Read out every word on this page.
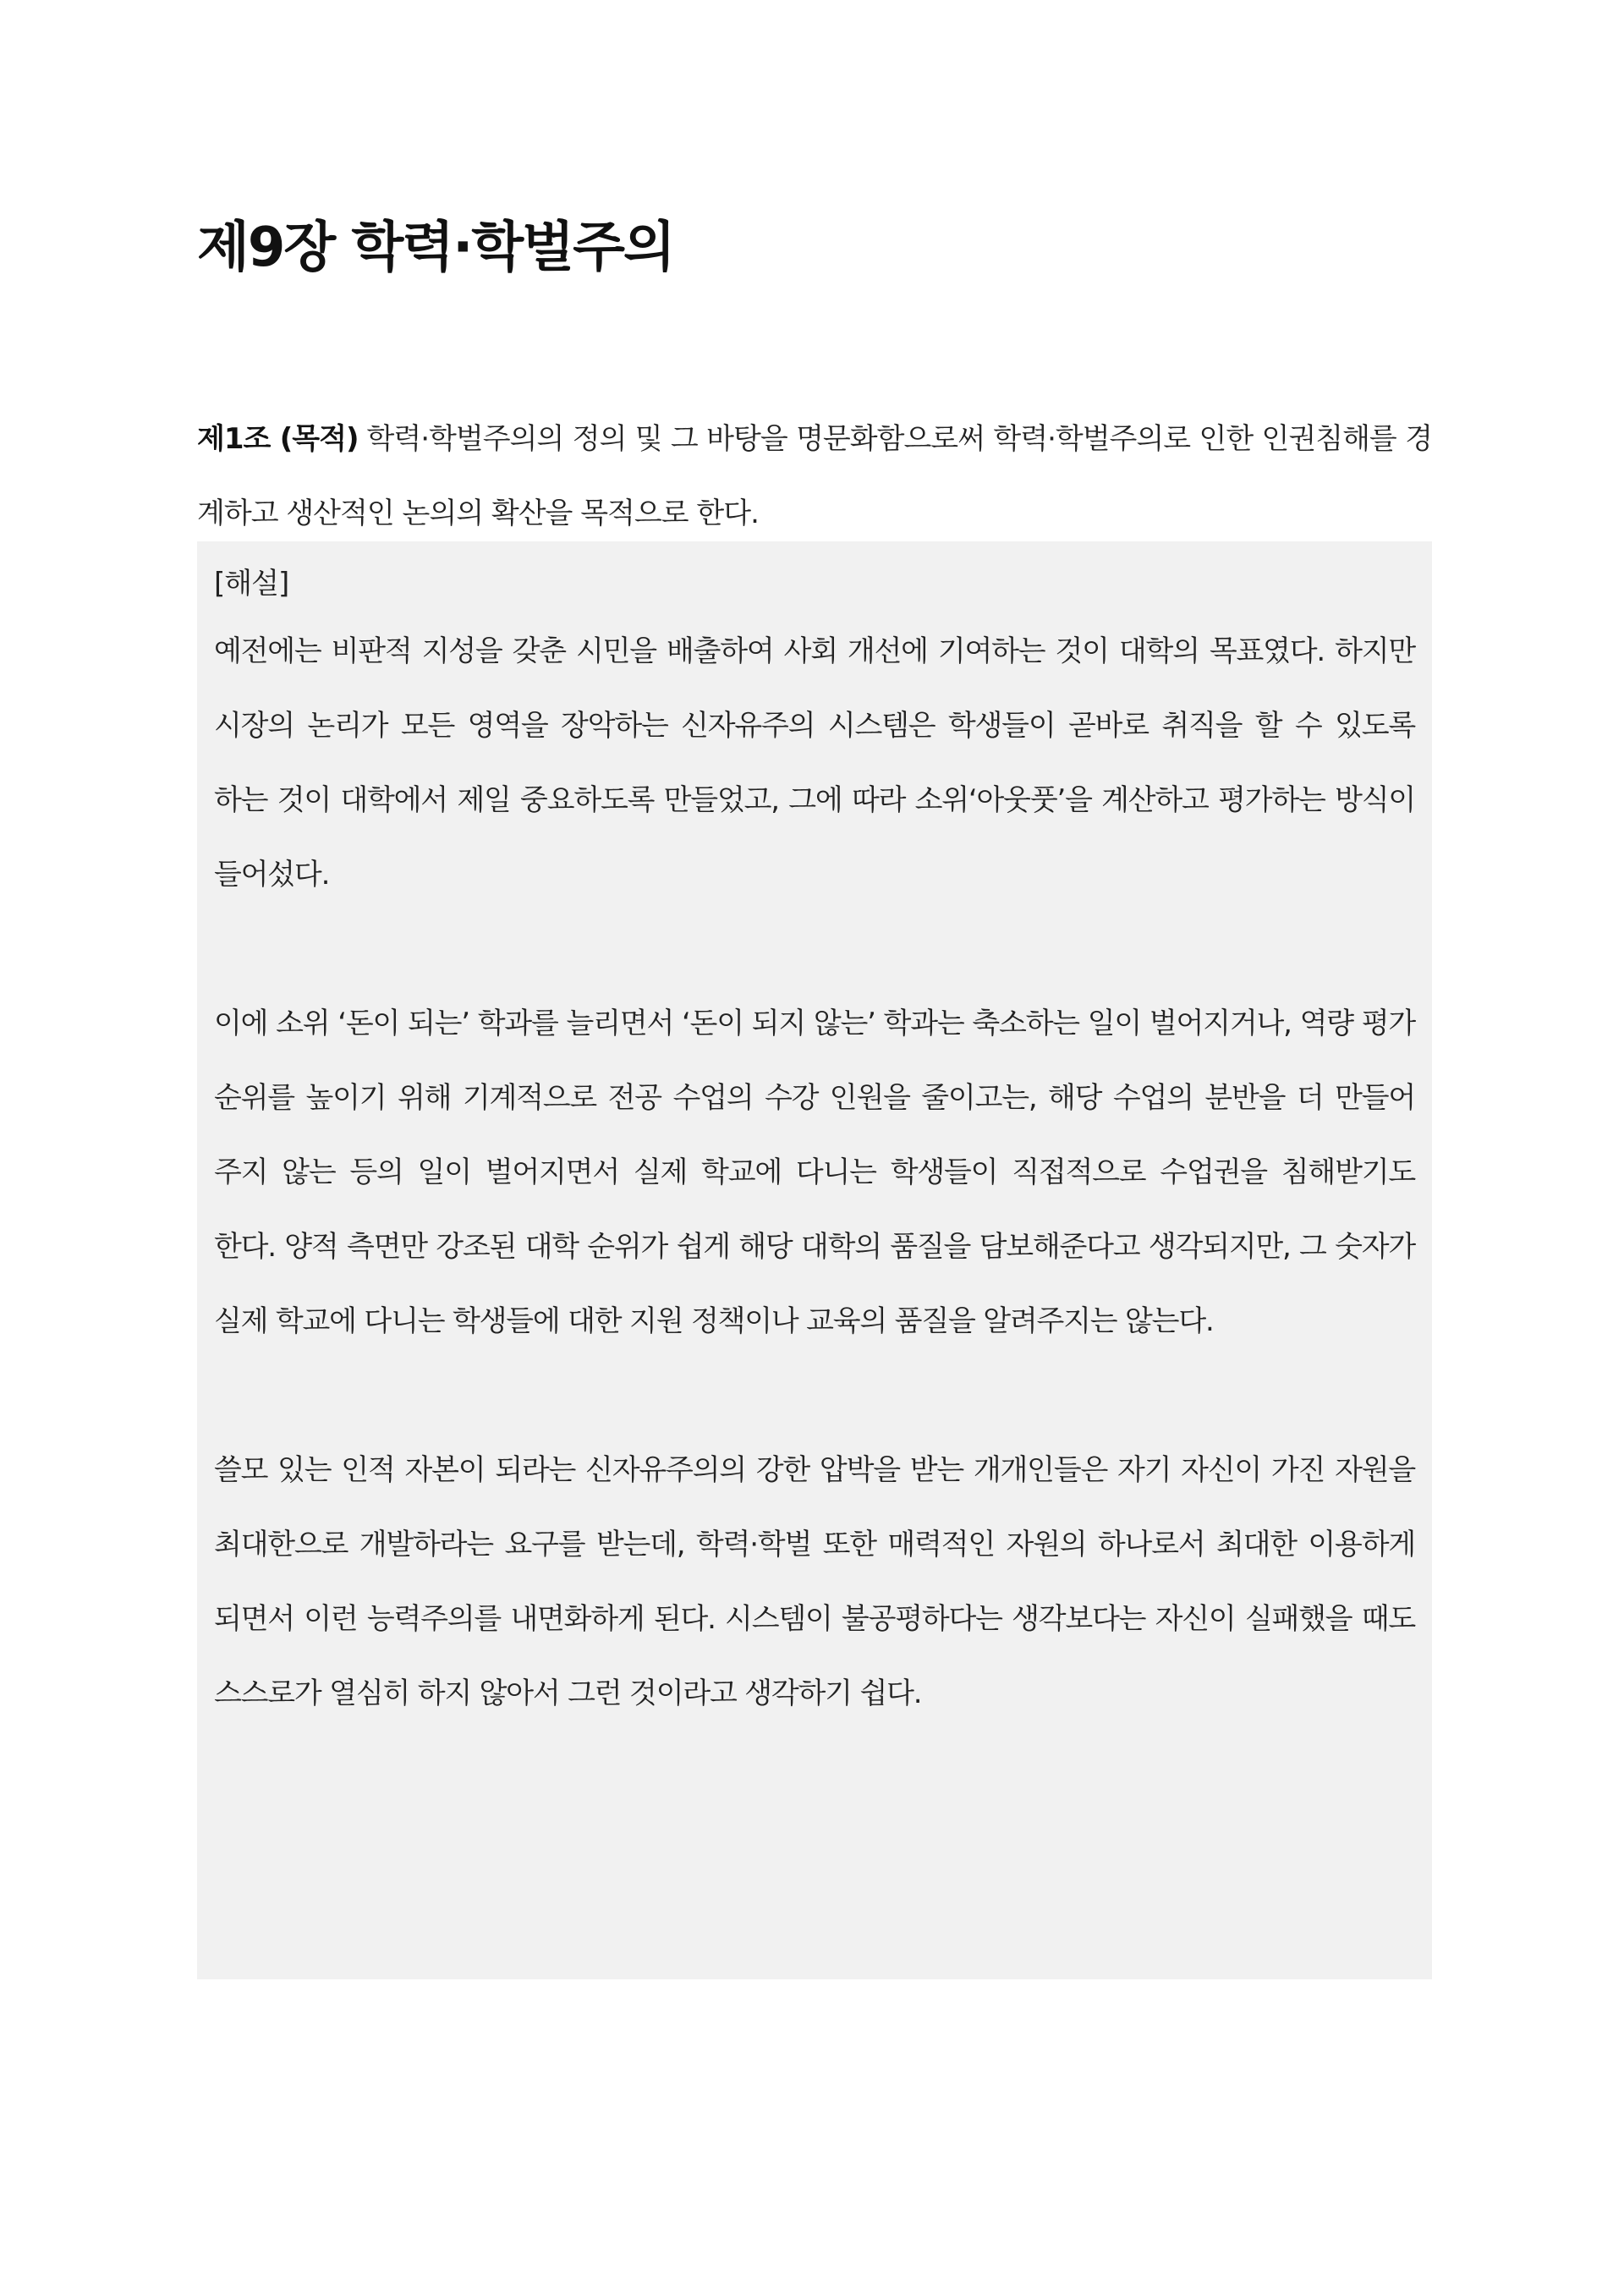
제9장 학력·학벌주의

제1조 (목적) 학력·학벌주의의 정의 및 그 바탕을 명문화함으로써 학력·학벌주의로 인한 인권침해를 경계하고 생산적인 논의의 확산을 목적으로 한다.

[해설]

예전에는 비판적 지성을 갖춘 시민을 배출하여 사회 개선에 기여하는 것이 대학의 목표였다. 하지만 시장의 논리가 모든 영역을 장악하는 신자유주의 시스템은 학생들이 곧바로 취직을 할 수 있도록 하는 것이 대학에서 제일 중요하도록 만들었고, 그에 따라 소위‘아웃풋’을 계산하고 평가하는 방식이 들어섰다.

이에 소위 ‘돈이 되는’ 학과를 늘리면서 ‘돈이 되지 않는’ 학과는 축소하는 일이 벌어지거나, 역량 평가 순위를 높이기 위해 기계적으로 전공 수업의 수강 인원을 줄이고는, 해당 수업의 분반을 더 만들어 주지 않는 등의 일이 벌어지면서 실제 학교에 다니는 학생들이 직접적으로 수업권을 침해받기도 한다. 양적 측면만 강조된 대학 순위가 쉽게 해당 대학의 품질을 담보해준다고 생각되지만, 그 숫자가 실제 학교에 다니는 학생들에 대한 지원 정책이나 교육의 품질을 알려주지는 않는다.

쓸모 있는 인적 자본이 되라는 신자유주의의 강한 압박을 받는 개개인들은 자기 자신이 가진 자원을 최대한으로 개발하라는 요구를 받는데, 학력·학벌 또한 매력적인 자원의 하나로서 최대한 이용하게 되면서 이런 능력주의를 내면화하게 된다. 시스템이 불공평하다는 생각보다는 자신이 실패했을 때도 스스로가 열심히 하지 않아서 그런 것이라고 생각하기 쉽다.
